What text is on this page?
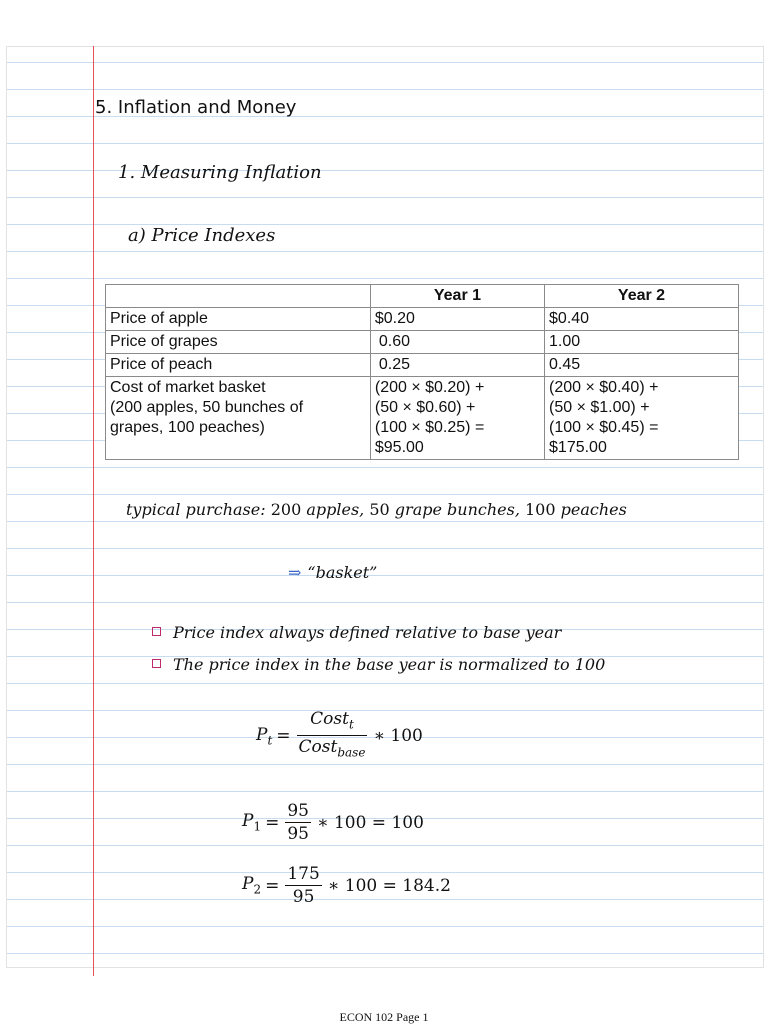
5. Inflation and Money
1. Measuring Inflation
a) Price Indexes
	Year 1	Year 2
Price of apple	$0.20	$0.40
Price of grapes	0.60	1.00
Price of peach	0.25	0.45

Cost of market basket
(200 apples, 50 bunches of
grapes, 100 peaches)	(200 × $0.20) +
(50 × $0.60) +
(100 × $0.25) =
$95.00	(200 × $0.40) +
(50 × $1.00) +
(100 × $0.45) =
$175.00
typical purchase: 200 apples, 50 grape bunches, 100 peaches
⇒ “basket”
Price index always defined relative to base year
The price index in the base year is normalized to 100
$P_t = \frac{Cost_t}{Cost_{base}}$ ∗ 100
$P_1 = \frac{95}{95}$ ∗ 100 = 100
$P_2 = \frac{175}{95}$ ∗ 100 = 184.2
ECON 102 Page 1
